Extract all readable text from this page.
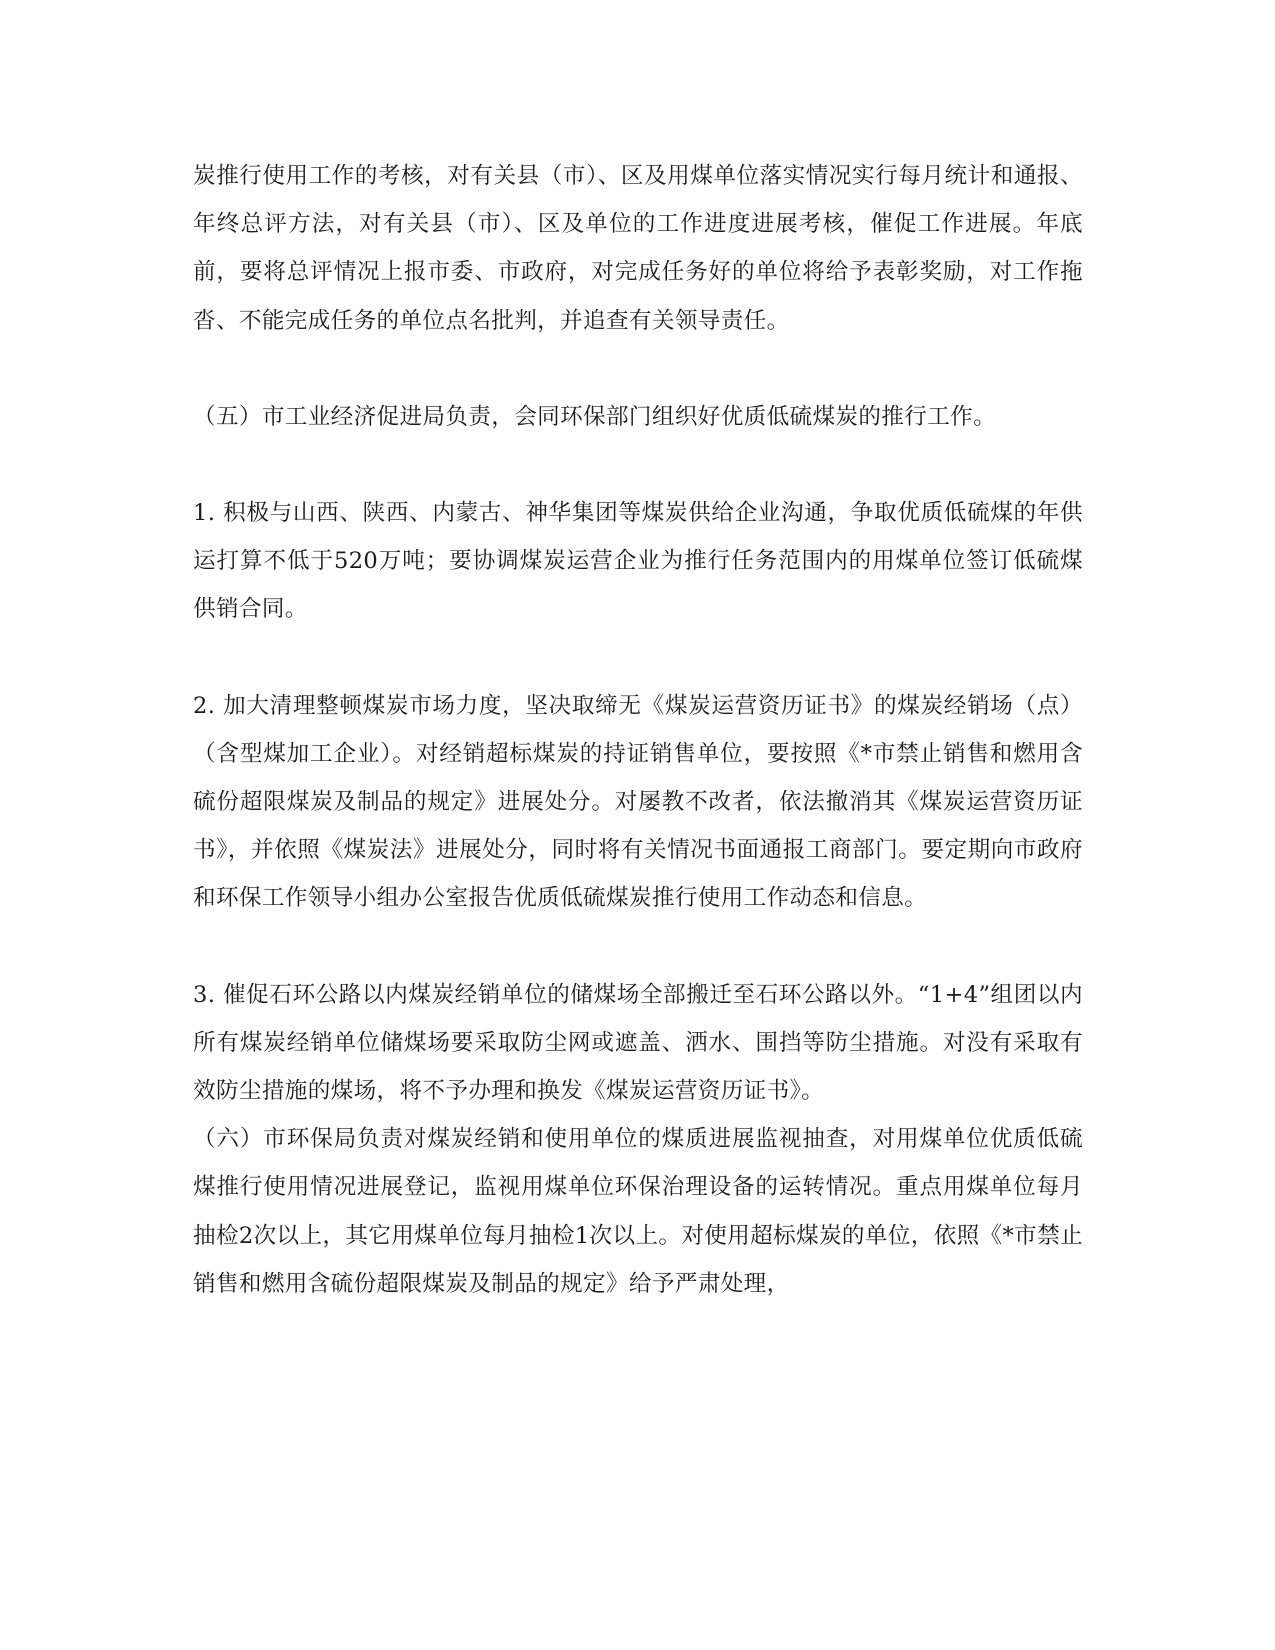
炭推行使用工作的考核，对有关县（市）、区及用煤单位落实情况实行每月统计和通报、年终总评方法，对有关县（市）、区及单位的工作进度进展考核，催促工作进展。年底前，要将总评情况上报市委、市政府，对完成任务好的单位将给予表彰奖励，对工作拖沓、不能完成任务的单位点名批判，并追查有关领导责任。

（五）市工业经济促进局负责，会同环保部门组织好优质低硫煤炭的推行工作。

1. 积极与山西、陕西、内蒙古、神华集团等煤炭供给企业沟通，争取优质低硫煤的年供运打算不低于520万吨；要协调煤炭运营企业为推行任务范围内的用煤单位签订低硫煤供销合同。

2. 加大清理整顿煤炭市场力度，坚决取缔无《煤炭运营资历证书》的煤炭经销场（点）（含型煤加工企业）。对经销超标煤炭的持证销售单位，要按照《*市禁止销售和燃用含硫份超限煤炭及制品的规定》进展处分。对屡教不改者，依法撤消其《煤炭运营资历证书》，并依照《煤炭法》进展处分，同时将有关情况书面通报工商部门。要定期向市政府和环保工作领导小组办公室报告优质低硫煤炭推行使用工作动态和信息。

3. 催促石环公路以内煤炭经销单位的储煤场全部搬迁至石环公路以外。“1+4”组团以内所有煤炭经销单位储煤场要采取防尘网或遮盖、洒水、围挡等防尘措施。对没有采取有效防尘措施的煤场，将不予办理和换发《煤炭运营资历证书》。

（六）市环保局负责对煤炭经销和使用单位的煤质进展监视抽查，对用煤单位优质低硫煤推行使用情况进展登记，监视用煤单位环保治理设备的运转情况。重点用煤单位每月抽检2次以上，其它用煤单位每月抽检1次以上。对使用超标煤炭的单位，依照《*市禁止销售和燃用含硫份超限煤炭及制品的规定》给予严肃处理，
